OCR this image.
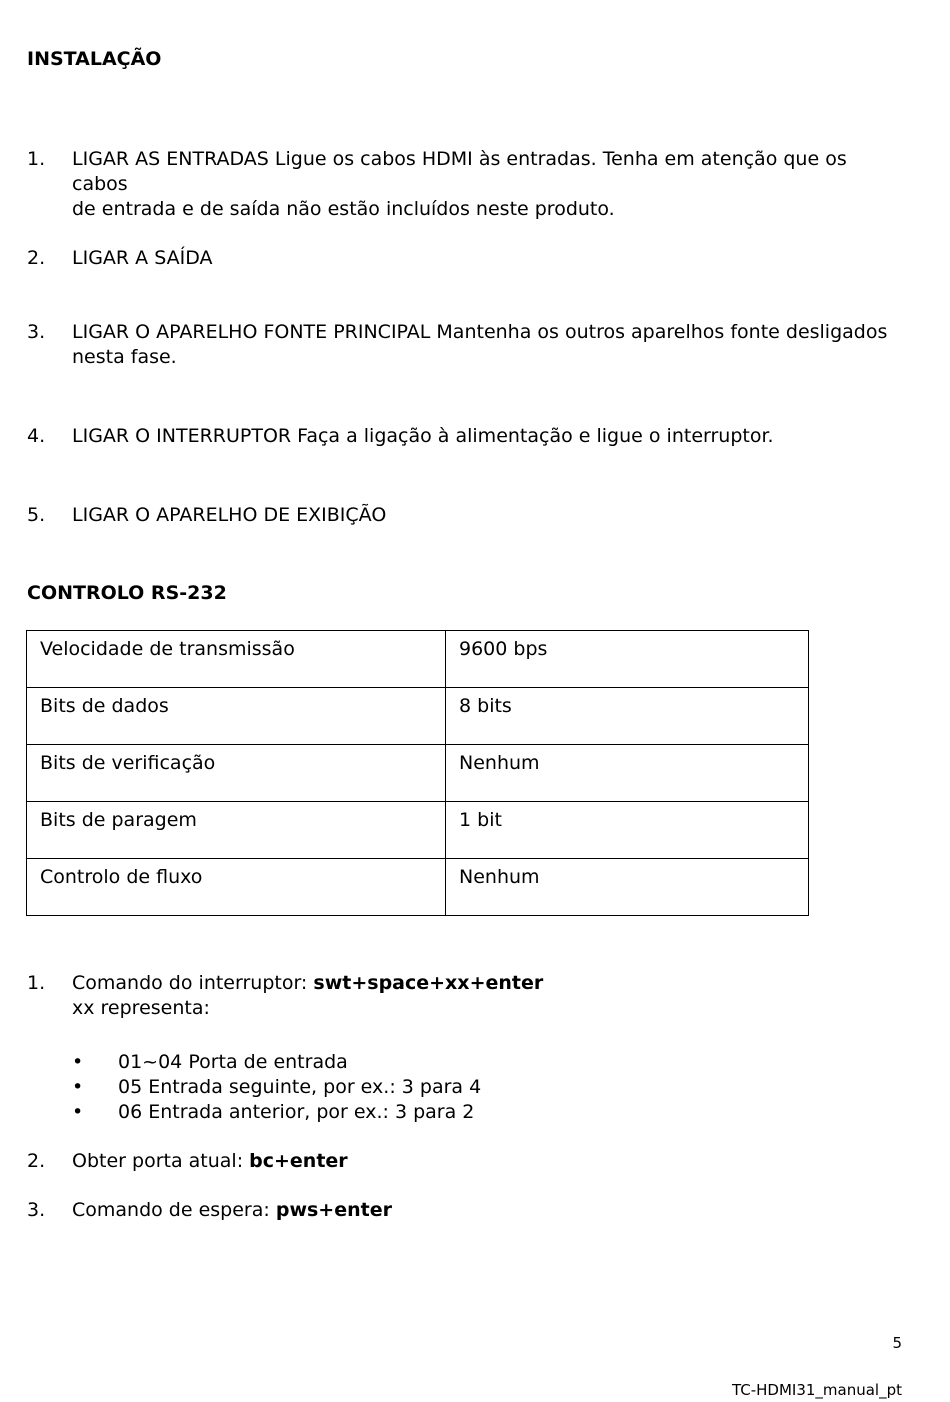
INSTALAÇÃO
1. LIGAR AS ENTRADAS Ligue os cabos HDMI às entradas. Tenha em atenção que os cabos
de entrada e de saída não estão incluídos neste produto.
2. LIGAR A SAÍDA
3. LIGAR O APARELHO FONTE PRINCIPAL Mantenha os outros aparelhos fonte desligados
nesta fase.
4. LIGAR O INTERRUPTOR Faça a ligação à alimentação e ligue o interruptor.
5. LIGAR O APARELHO DE EXIBIÇÃO
CONTROLO RS-232
Velocidade de transmissão	9600 bps
Bits de dados	8 bits
Bits de verificação	Nenhum
Bits de paragem	1 bit
Controlo de fluxo	Nenhum
1. Comando do interruptor: swt+space+xx+enter
xx representa:
• 01~04 Porta de entrada
• 05 Entrada seguinte, por ex.: 3 para 4
• 06 Entrada anterior, por ex.: 3 para 2
2. Obter porta atual: bc+enter
3. Comando de espera: pws+enter
5
TC-HDMI31_manual_pt
